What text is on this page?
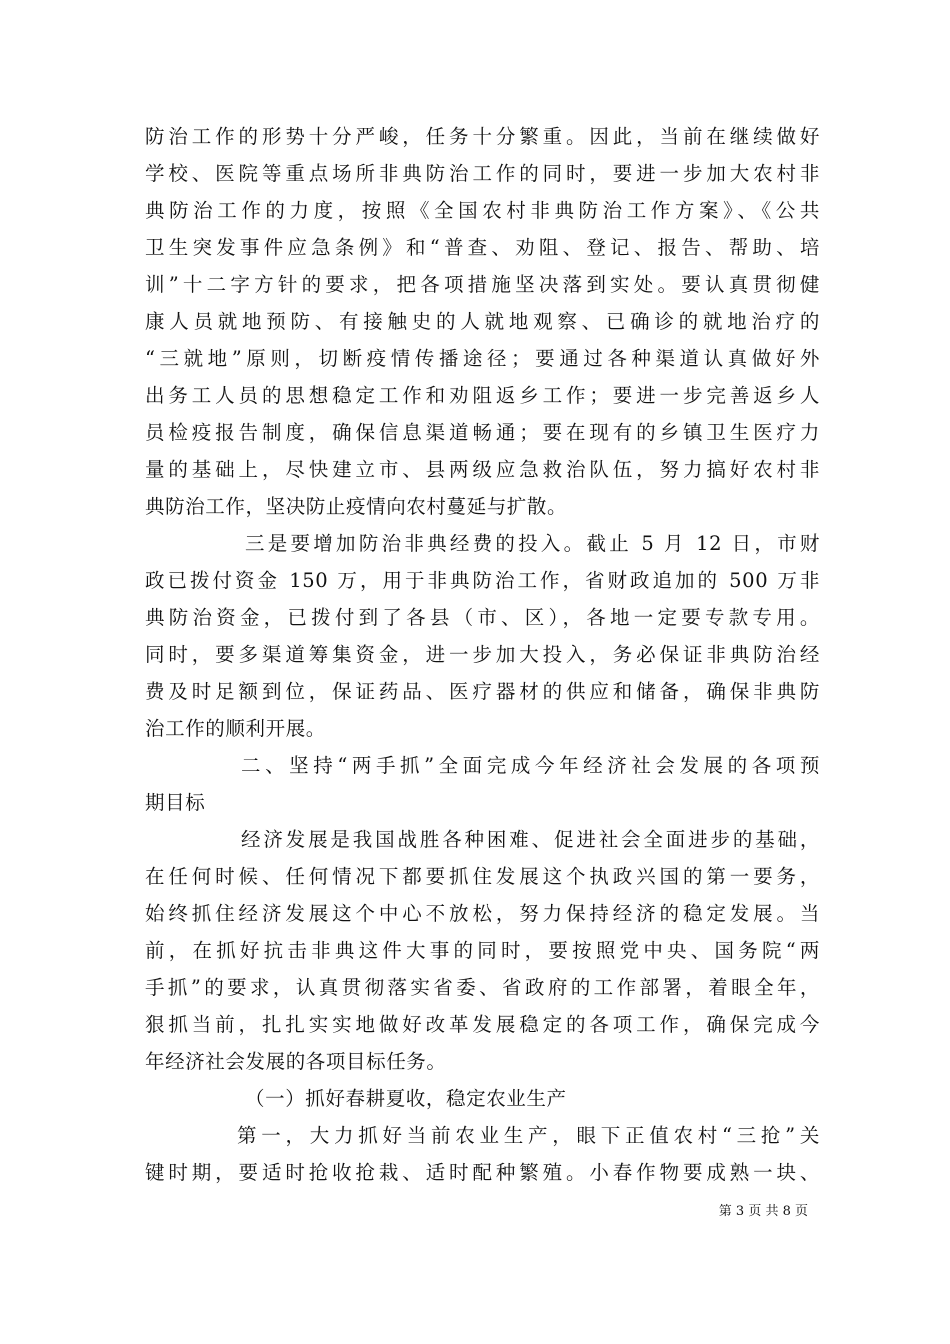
防治工作的形势十分严峻，任务十分繁重。因此，当前在继续做好
学校、医院等重点场所非典防治工作的同时，要进一步加大农村非
典防治工作的力度，按照《全国农村非典防治工作方案》、《公共
卫生突发事件应急条例》和“普查、劝阻、登记、报告、帮助、培
训”十二字方针的要求，把各项措施坚决落到实处。要认真贯彻健
康人员就地预防、有接触史的人就地观察、已确诊的就地治疗的
“三就地”原则，切断疫情传播途径；要通过各种渠道认真做好外
出务工人员的思想稳定工作和劝阻返乡工作；要进一步完善返乡人
员检疫报告制度，确保信息渠道畅通；要在现有的乡镇卫生医疗力
量的基础上，尽快建立市、县两级应急救治队伍，努力搞好农村非
典防治工作，坚决防止疫情向农村蔓延与扩散。
三是要增加防治非典经费的投入。截止 5 月 12 日，市财
政已拨付资金 150 万，用于非典防治工作，省财政追加的 500 万非
典防治资金，已拨付到了各县（市、区），各地一定要专款专用。
同时，要多渠道筹集资金，进一步加大投入，务必保证非典防治经
费及时足额到位，保证药品、医疗器材的供应和储备，确保非典防
治工作的顺利开展。
二、坚持“两手抓”全面完成今年经济社会发展的各项预
期目标
经济发展是我国战胜各种困难、促进社会全面进步的基础，
在任何时候、任何情况下都要抓住发展这个执政兴国的第一要务，
始终抓住经济发展这个中心不放松，努力保持经济的稳定发展。当
前，在抓好抗击非典这件大事的同时，要按照党中央、国务院“两
手抓”的要求，认真贯彻落实省委、省政府的工作部署，着眼全年，
狠抓当前，扎扎实实地做好改革发展稳定的各项工作，确保完成今
年经济社会发展的各项目标任务。
（一）抓好春耕夏收，稳定农业生产
第一，大力抓好当前农业生产，眼下正值农村“三抢”关
键时期，要适时抢收抢栽、适时配种繁殖。小春作物要成熟一块、
第 3 页 共 8 页
